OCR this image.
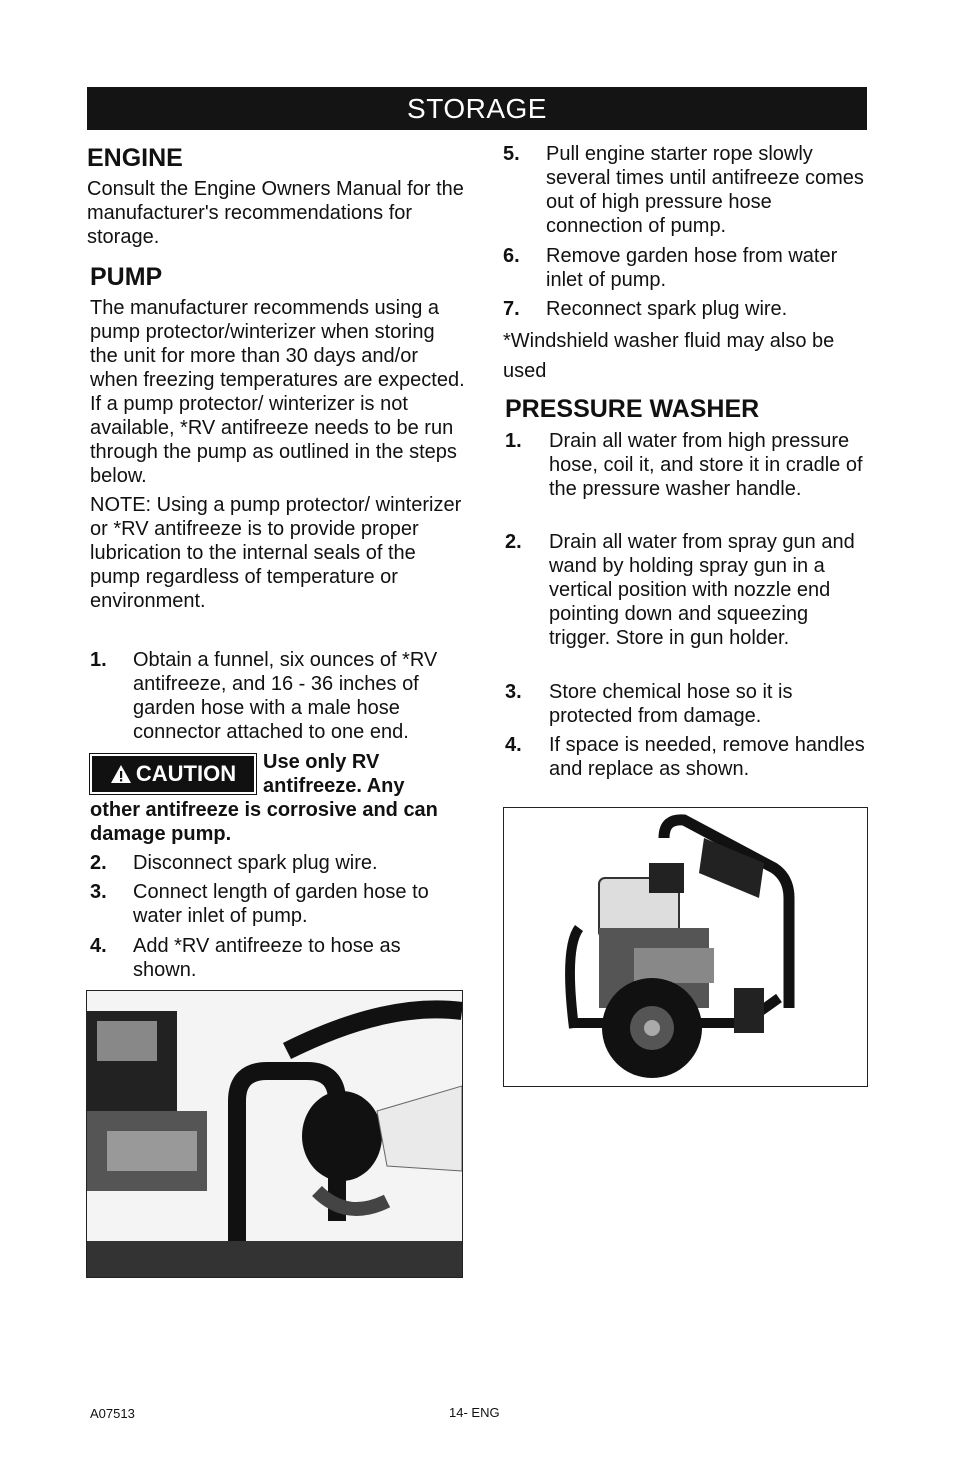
STORAGE
ENGINE

Consult the Engine Owners Manual for the manufacturer's recommendations for storage.

PUMP

The manufacturer recommends using a pump protector/winterizer when storing the unit for more than 30 days and/or when freezing temperatures are expected. If a pump protector/ winterizer is not available, *RV antifreeze needs to be run through the pump as outlined in the steps below.

NOTE: Using a pump protector/ winterizer or *RV antifreeze is to provide proper lubrication to the internal seals of the pump regardless of temperature or environment.

1. Obtain a funnel, six ounces of *RV antifreeze, and 16 - 36 inches of garden hose with a male hose connector attached to one end.
CAUTION Use only RV

antifreeze. Any

other antifreeze is corrosive and can damage pump.

2. Disconnect spark plug wire.
3. Connect length of garden hose to water inlet of pump.
4. Add *RV antifreeze to hose as shown.
5. Pull engine starter rope slowly several times until antifreeze comes out of high pressure hose connection of pump.
6. Remove garden hose from water inlet of pump.
7. Reconnect spark plug wire.

*Windshield washer fluid may also be used

PRESSURE WASHER
1. Drain all water from high pressure hose, coil it, and store it in cradle of the pressure washer handle.
2. Drain all water from spray gun and wand by holding spray gun in a vertical position with nozzle end pointing down and squeezing trigger. Store in gun holder.
3. Store chemical hose so it is protected from damage.
4. If space is needed, remove handles and replace as shown.
A07513	14- ENG
